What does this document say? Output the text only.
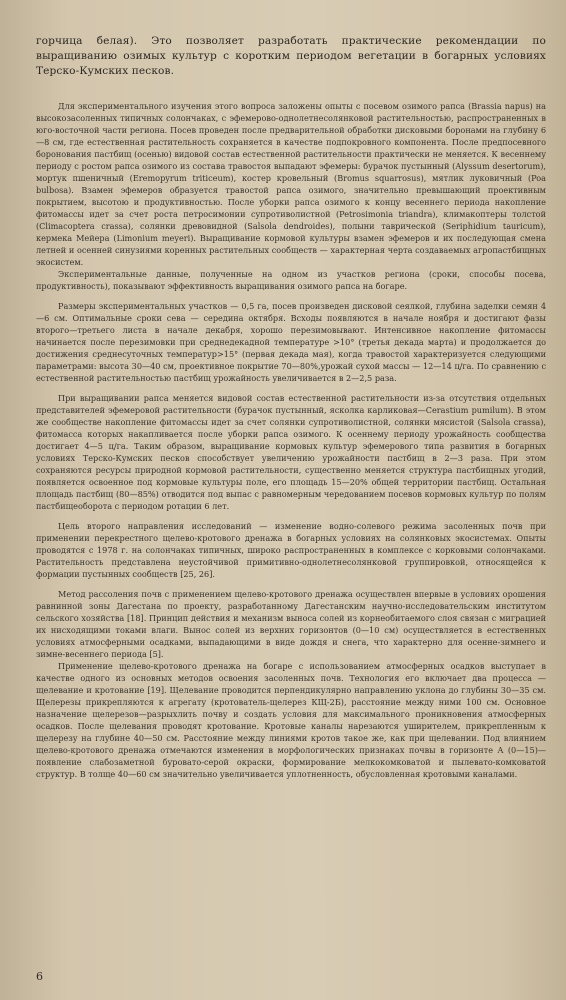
горчица белая). Это позволяет разработать практические рекомендации по выращиванию озимых культур с коротким периодом вегетации в богарных условиях Терско-Кумских песков.

Для экспериментального изучения этого вопроса заложены опыты с посевом озимого рапса (Brassia napus) на высокозасоленных типичных солончаках, с эфемерово-однолетнесолянковой растительностью, распространенных в юго-восточной части региона. Посев проведен после предварительной обработки дисковыми боронами на глубину 6—8 см, где естественная растительность сохраняется в качестве подпокровного компонента. После предпосевного боронования пастбищ (осенью) видовой состав естественной растительности практически не меняется. К весеннему периоду с ростом рапса озимого из состава травостоя выпадают эфемеры: бурачок пустынный (Alyssum desertorum), мортук пшеничный (Eremopyrum triticeum), костер кровельный (Bromus squarrosus), мятлик луковичный (Poa bulbosa). Взамен эфемеров образуется травостой рапса озимого, значительно превышающий проективным покрытием, высотою и продуктивностью. После уборки рапса озимого к концу весеннего периода накопление фитомассы идет за счет роста петросимонии супротиволистной (Petrosimonia triandra), климакоптеры толстой (Climacoptera crassa), солянки древовидной (Salsola dendroides), полыни таврической (Seriphidium tauricum), кермека Мейера (Limonium meyeri). Выращивание кормовой культуры взамен эфемеров и их последующая смена летней и осенней синузиями коренных растительных сообществ — характерная черта создаваемых агропастбищных экосистем.

Экспериментальные данные, полученные на одном из участков региона (сроки, способы посева, продуктивность), показывают эффективность выращивания озимого рапса на богаре.

Размеры экспериментальных участков — 0,5 га, посев произведен дисковой сеялкой, глубина заделки семян 4—6 см. Оптимальные сроки сева — середина октября. Всходы появляются в начале ноября и достигают фазы второго—третьего листа в начале декабря, хорошо перезимовывают. Интенсивное накопление фитомассы начинается после перезимовки при среднедекадной температуре >10° (третья декада марта) и продолжается до достижения среднесуточных температур>15° (первая декада мая), когда травостой характеризуется следующими параметрами: высота 30—40 см, проективное покрытие 70—80%,урожай сухой массы — 12—14 ц/га. По сравнению с естественной растительностью пастбищ урожайность увеличивается в 2—2,5 раза.

При выращивании рапса меняется видовой состав естественной растительности из-за отсутствия отдельных представителей эфемеровой растительности (бурачок пустынный, ясколка карликовая—Cerastium pumilum). В этом же сообществе накопление фитомассы идет за счет солянки супротиволистной, солянки мясистой (Salsola crassa), фитомасса которых накапливается после уборки рапса озимого. К осеннему периоду урожайность сообщества достигает 4—5 ц/га. Таким образом, выращивание кормовых культур эфемерового типа развития в богарных условиях Терско-Кумских песков способствует увеличению урожайности пастбищ в 2—3 раза. При этом сохраняются ресурсы природной кормовой растительности, существенно меняется структура пастбищных угодий, появляется освоенное под кормовые культуры поле, его площадь 15—20% общей территории пастбищ. Остальная площадь пастбищ (80—85%) отводится под выпас с равномерным чередованием посевов кормовых культур по полям пастбищеоборота с периодом ротации 6 лет.

Цель второго направления исследований — изменение водно-солевого режима засоленных почв при применении перекрестного щелево-кротового дренажа в богарных условиях на солянковых экосистемах. Опыты проводятся с 1978 г. на солончаках типичных, широко распространенных в комплексе с корковыми солончаками. Растительность представлена неустойчивой примитивно-однолетнесолянковой группировкой, относящейся к формации пустынных сообществ [25, 26].

Метод рассоления почв с применением щелево-кротового дренажа осуществлен впервые в условиях орошения равнинной зоны Дагестана по проекту, разработанному Дагестанским научно-исследовательским институтом сельского хозяйства [18]. Принцип действия и механизм выноса солей из корнеобитаемого слоя связан с миграцией их нисходящими токами влаги. Вынос солей из верхних горизонтов (0—10 см) осуществляется в естественных условиях атмосферными осадками, выпадающими в виде дождя и снега, что характерно для осенне-зимнего и зимне-весеннего периода [5].

Применение щелево-кротового дренажа на богаре с использованием атмосферных осадков выступает в качестве одного из основных методов освоения засоленных почв. Технология его включает два процесса — щелевание и кротование [19]. Щелевание проводится перпендикулярно направлению уклона до глубины 30—35 см. Щелерезы прикрепляются к агрегату (кротователь-щелерез КЩ-2Б), расстояние между ними 100 см. Основное назначение щелерезов—разрыхлить почву и создать условия для максимального проникновения атмосферных осадков. После щелевания проводят кротование. Кротовые каналы нарезаются уширителем, прикрепленным к щелерезу на глубине 40—50 см. Расстояние между линиями кротов такое же, как при щелевании. Под влиянием щелево-кротового дренажа отмечаются изменения в морфологических признаках почвы в горизонте A (0—15)—появление слабозаметной буровато-серой окраски, формирование мелкокомковатой и пылевато-комковатой структур. В толще 40—60 см значительно увеличивается уплотненность, обусловленная кротовыми каналами.

6
